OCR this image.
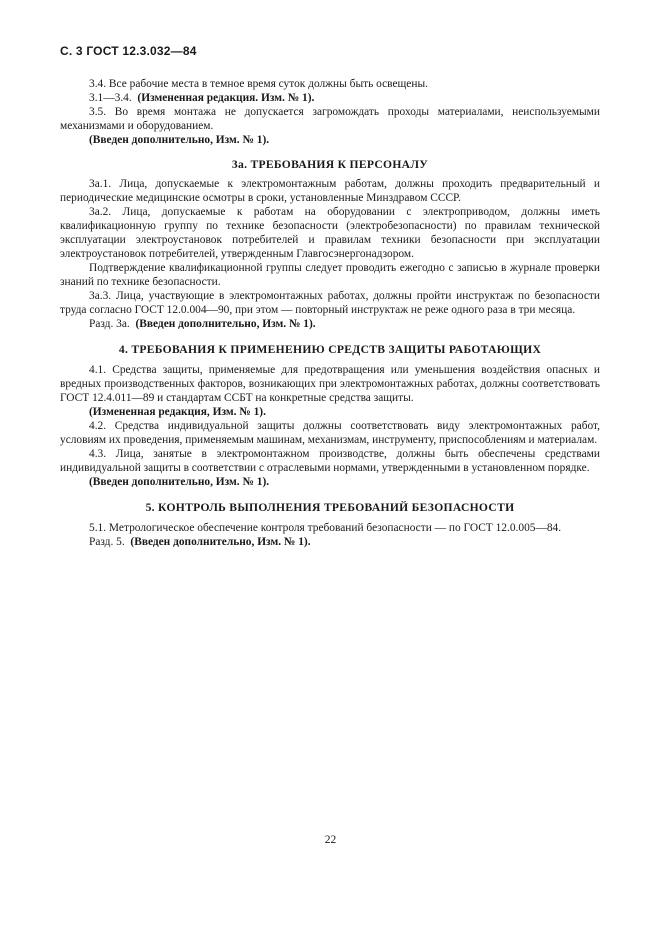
С. 3 ГОСТ 12.3.032—84

3.4. Все рабочие места в темное время суток должны быть освещены.

3.1—3.4. (Измененная редакция. Изм. № 1).

3.5. Во время монтажа не допускается загромождать проходы материалами, неиспользуемыми механизмами и оборудованием.

(Введен дополнительно, Изм. № 1).

3а. ТРЕБОВАНИЯ К ПЕРСОНАЛУ

3а.1. Лица, допускаемые к электромонтажным работам, должны проходить предварительный и периодические медицинские осмотры в сроки, установленные Минздравом СССР.

3а.2. Лица, допускаемые к работам на оборудовании с электроприводом, должны иметь квалификационную группу по технике безопасности (электробезопасности) по правилам технической эксплуатации электроустановок потребителей и правилам техники безопасности при эксплуатации электроустановок потребителей, утвержденным Главгосэнергонадзором.

Подтверждение квалификационной группы следует проводить ежегодно с записью в журнале проверки знаний по технике безопасности.

3а.3. Лица, участвующие в электромонтажных работах, должны пройти инструктаж по безопасности труда согласно ГОСТ 12.0.004—90, при этом — повторный инструктаж не реже одного раза в три месяца.

Разд. 3а. (Введен дополнительно, Изм. № 1).

4. ТРЕБОВАНИЯ К ПРИМЕНЕНИЮ СРЕДСТВ ЗАЩИТЫ РАБОТАЮЩИХ

4.1. Средства защиты, применяемые для предотвращения или уменьшения воздействия опасных и вредных производственных факторов, возникающих при электромонтажных работах, должны соответствовать ГОСТ 12.4.011—89 и стандартам ССБТ на конкретные средства защиты.

(Измененная редакция, Изм. № 1).

4.2. Средства индивидуальной защиты должны соответствовать виду электромонтажных работ, условиям их проведения, применяемым машинам, механизмам, инструменту, приспособлениям и материалам.

4.3. Лица, занятые в электромонтажном производстве, должны быть обеспечены средствами индивидуальной защиты в соответствии с отраслевыми нормами, утвержденными в установленном порядке.

(Введен дополнительно, Изм. № 1).

5. КОНТРОЛЬ ВЫПОЛНЕНИЯ ТРЕБОВАНИЙ БЕЗОПАСНОСТИ

5.1. Метрологическое обеспечение контроля требований безопасности — по ГОСТ 12.0.005—84.

Разд. 5. (Введен дополнительно, Изм. № 1).

22
